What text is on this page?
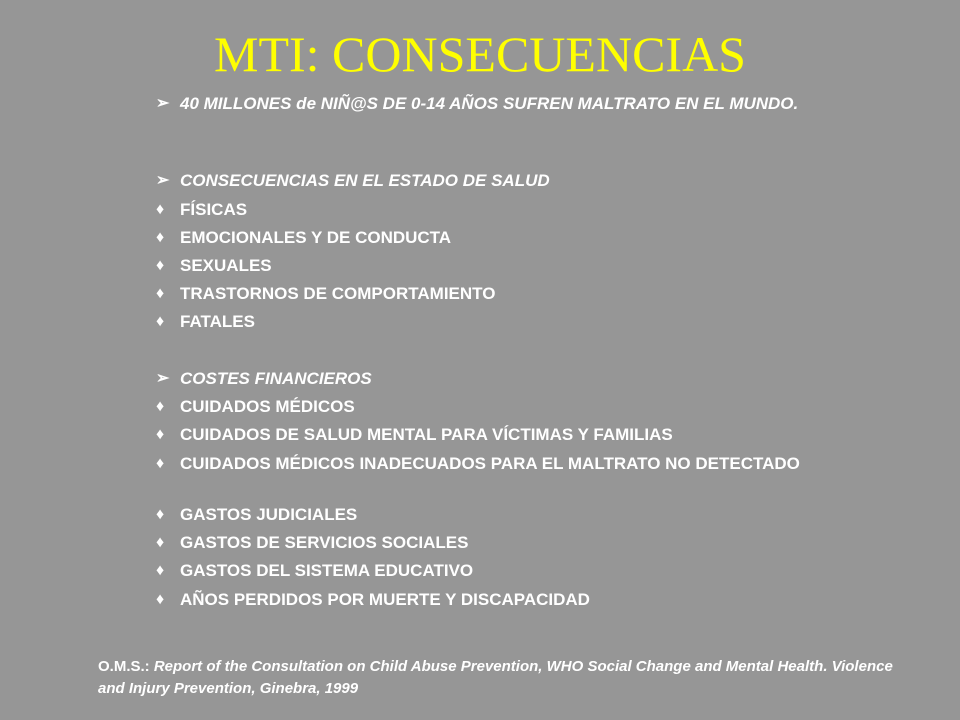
MTI: CONSECUENCIAS
➢ 40 MILLONES de NIÑ@S DE 0-14 AÑOS SUFREN MALTRATO EN EL MUNDO.
➢ CONSECUENCIAS EN EL ESTADO DE SALUD
♦ FÍSICAS
♦ EMOCIONALES Y DE CONDUCTA
♦ SEXUALES
♦ TRASTORNOS DE COMPORTAMIENTO
♦ FATALES
➢ COSTES FINANCIEROS
♦ CUIDADOS MÉDICOS
♦ CUIDADOS DE SALUD MENTAL PARA VÍCTIMAS Y FAMILIAS
♦ CUIDADOS MÉDICOS INADECUADOS PARA EL MALTRATO NO DETECTADO
♦ GASTOS JUDICIALES
♦ GASTOS DE SERVICIOS SOCIALES
♦ GASTOS DEL SISTEMA EDUCATIVO
♦ AÑOS PERDIDOS POR MUERTE Y DISCAPACIDAD
O.M.S.: Report of the Consultation on Child Abuse Prevention, WHO Social Change and Mental Health. Violence and Injury Prevention, Ginebra, 1999
